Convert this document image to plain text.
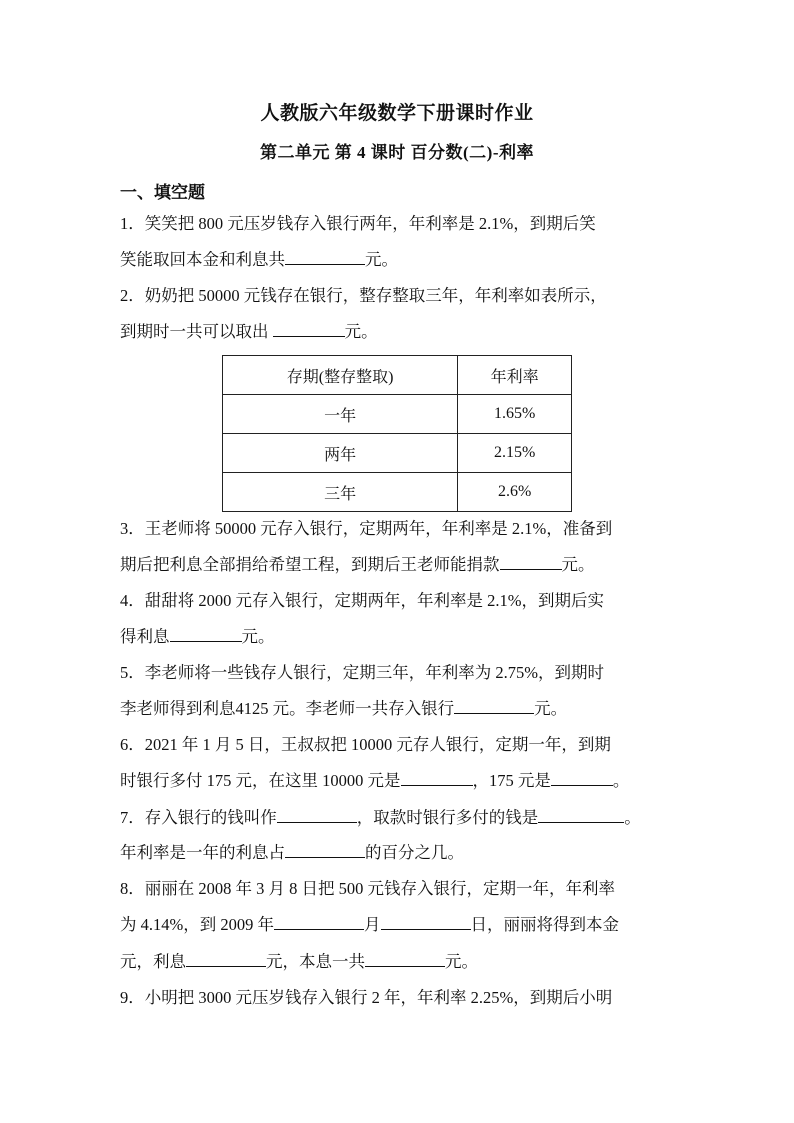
人教版六年级数学下册课时作业
第二单元 第 4 课时 百分数(二)-利率
一、填空题
1．笑笑把 800 元压岁钱存入银行两年，年利率是 2.1%，到期后笑
笑能取回本金和利息共	元。
2．奶奶把 50000 元钱存在银行，整存整取三年，年利率如表所示，
到期时一共可以取出	元。
存期(整存整取)	年利率
一年	1.65%
两年	2.15%
三年	2.6%
3．王老师将 50000 元存入银行，定期两年，年利率是 2.1%，准备到
期后把利息全部捐给希望工程，到期后王老师能捐款	元。
4．甜甜将 2000 元存入银行，定期两年，年利率是 2.1%，到期后实
得利息	元。
5．李老师将一些钱存人银行，定期三年，年利率为 2.75%，到期时
李老师得到利息4125 元。李老师一共存入银行	元。
6．2021 年 1 月 5 日，王叔叔把 10000 元存人银行，定期一年，到期
时银行多付 175 元，在这里 10000 元是	，175 元是	。
7．存入银行的钱叫作	，取款时银行多付的钱是	。
年利率是一年的利息占	的百分之几。
8．丽丽在 2008 年 3 月 8 日把 500 元钱存入银行，定期一年，年利率
为 4.14%，到 2009 年	月	日，丽丽将得到本金
元，利息	元，本息一共	元。
9．小明把 3000 元压岁钱存入银行 2 年，年利率 2.25%，到期后小明
